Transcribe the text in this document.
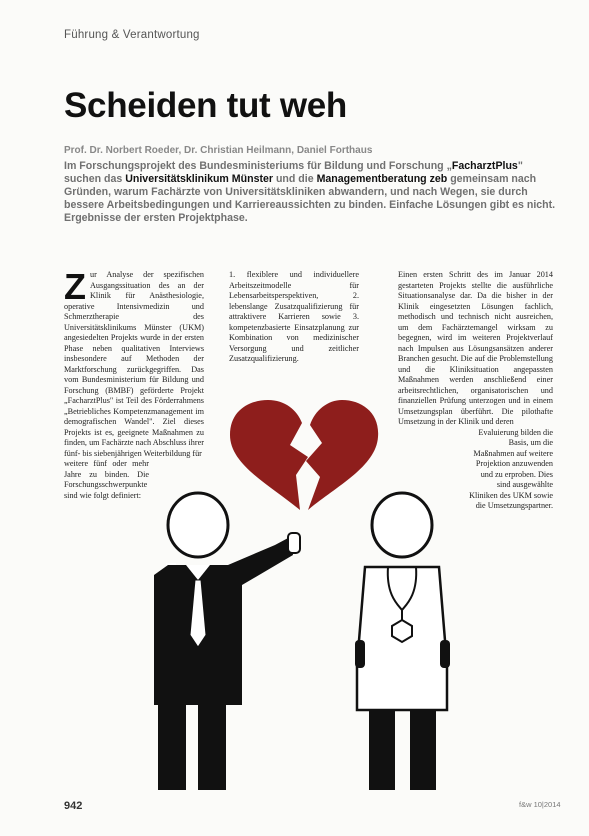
Führung & Verantwortung
Scheiden tut weh
Prof. Dr. Norbert Roeder, Dr. Christian Heilmann, Daniel Forthaus
Im Forschungsprojekt des Bundesministeriums für Bildung und Forschung „FacharztPlus" suchen das Universitätsklinikum Münster und die Managementberatung zeb gemeinsam nach Gründen, warum Fachärzte von Universitätskliniken abwandern, und nach Wegen, sie durch bessere Arbeitsbedingungen und Karriereaussichten zu binden. Einfache Lösungen gibt es nicht. Ergebnisse der ersten Projektphase.

Zur Analyse der spezifischen Ausgangssituation des an der Klinik für Anästhesiologie, operative Intensivmedizin und Schmerztherapie des Universitätsklinikums Münster (UKM) angesiedelten Projekts wurde in der ersten Phase neben qualitativen Interviews insbesondere auf Methoden der Marktforschung zurückgegriffen. Das vom Bundesministerium für Bildung und Forschung (BMBF) geförderte Projekt „FacharztPlus" ist Teil des Förderrahmens „Betriebliches Kompetenzmanagement im demografischen Wandel". Ziel dieses Projekts ist es, geeignete Maßnahmen zu finden, um Fachärzte nach Abschluss ihrer fünf- bis siebenjährigen Weiterbildung für

weitere fünf oder mehr Jahre zu binden. Die Forschungsschwerpunkte sind wie folgt definiert:

1. flexiblere und individuellere Arbeitszeitmodelle für Lebensarbeitsperspektiven, 2. lebenslange Zusatzqualifizierung für attraktivere Karrieren sowie 3. kompetenzbasierte Einsatzplanung zur Kombination von medizinischer Versorgung und zeitlicher Zusatzqualifizierung.

Einen ersten Schritt des im Januar 2014 gestarteten Projekts stellte die ausführliche Situationsanalyse dar. Da die bisher in der Klinik eingesetzten Lösungen fachlich, methodisch und technisch nicht ausreichen, um dem Fachärztemangel wirksam zu begegnen, wird im weiteren Projektverlauf nach Impulsen aus Lösungsansätzen anderer Branchen gesucht. Die auf die Problemstellung und die Kliniksituation angepassten Maßnahmen werden anschließend einer arbeitsrechtlichen, organisatorischen und finanziellen Prüfung unterzogen und in einem Umsetzungsplan überführt. Die pilothafte Umsetzung in der Klinik und deren

Evaluierung bilden die Basis, um die Maßnahmen auf weitere Projektion anzuwenden und zu erproben. Dies sind ausgewählte Kliniken des UKM sowie die Umsetzungspartner.

942	f&w 10|2014
